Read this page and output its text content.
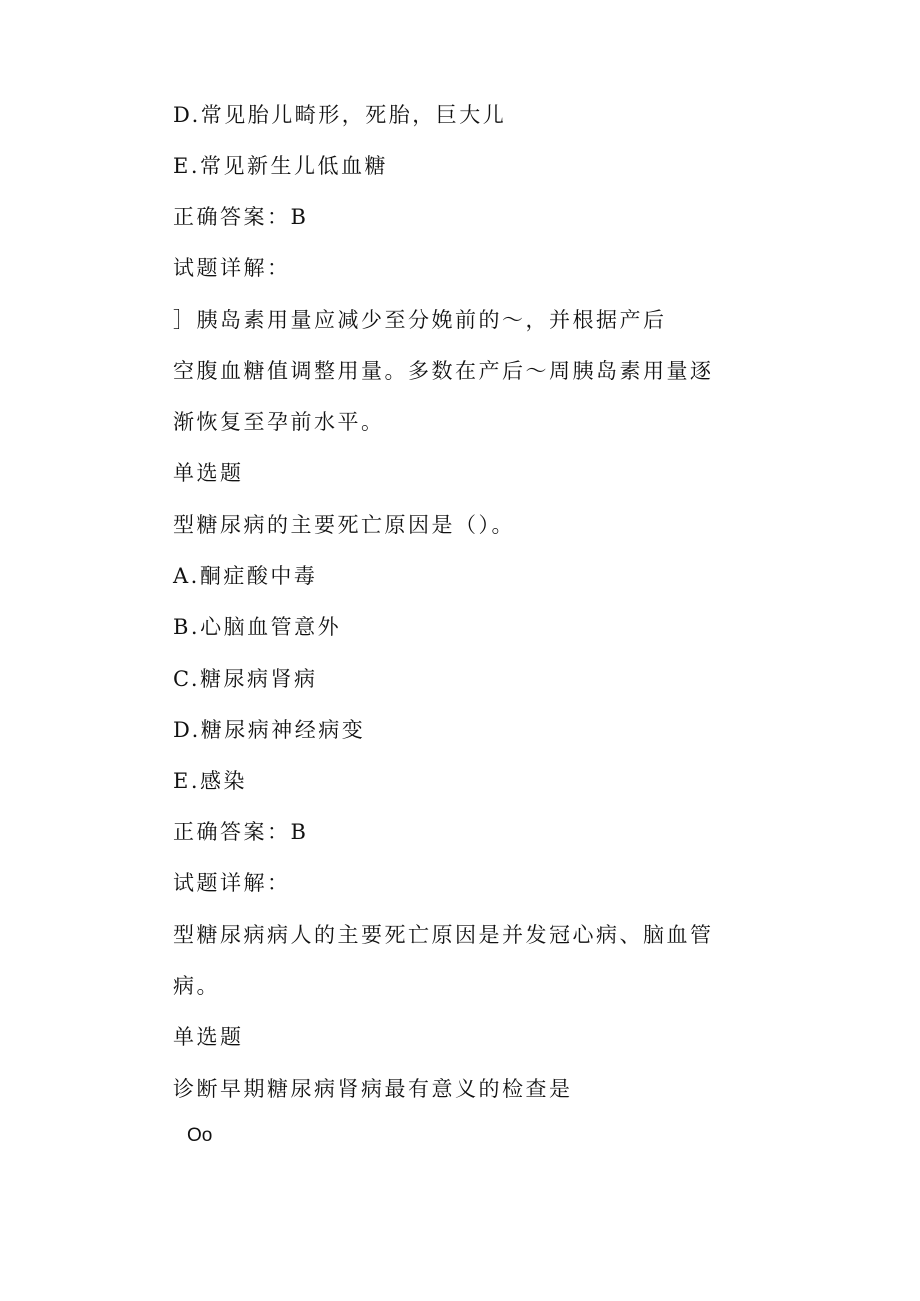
D.常见胎儿畸形，死胎，巨大儿
E.常见新生儿低血糖
正确答案：B
试题详解：
］胰岛素用量应减少至分娩前的～，并根据产后
空腹血糖值调整用量。多数在产后～周胰岛素用量逐
渐恢复至孕前水平。
单选题
型糖尿病的主要死亡原因是（）。
A.酮症酸中毒
B.心脑血管意外
C.糖尿病肾病
D.糖尿病神经病变
E.感染
正确答案：B
试题详解：
型糖尿病病人的主要死亡原因是并发冠心病、脑血管
病。
单选题
诊断早期糖尿病肾病最有意义的检查是
Oo
